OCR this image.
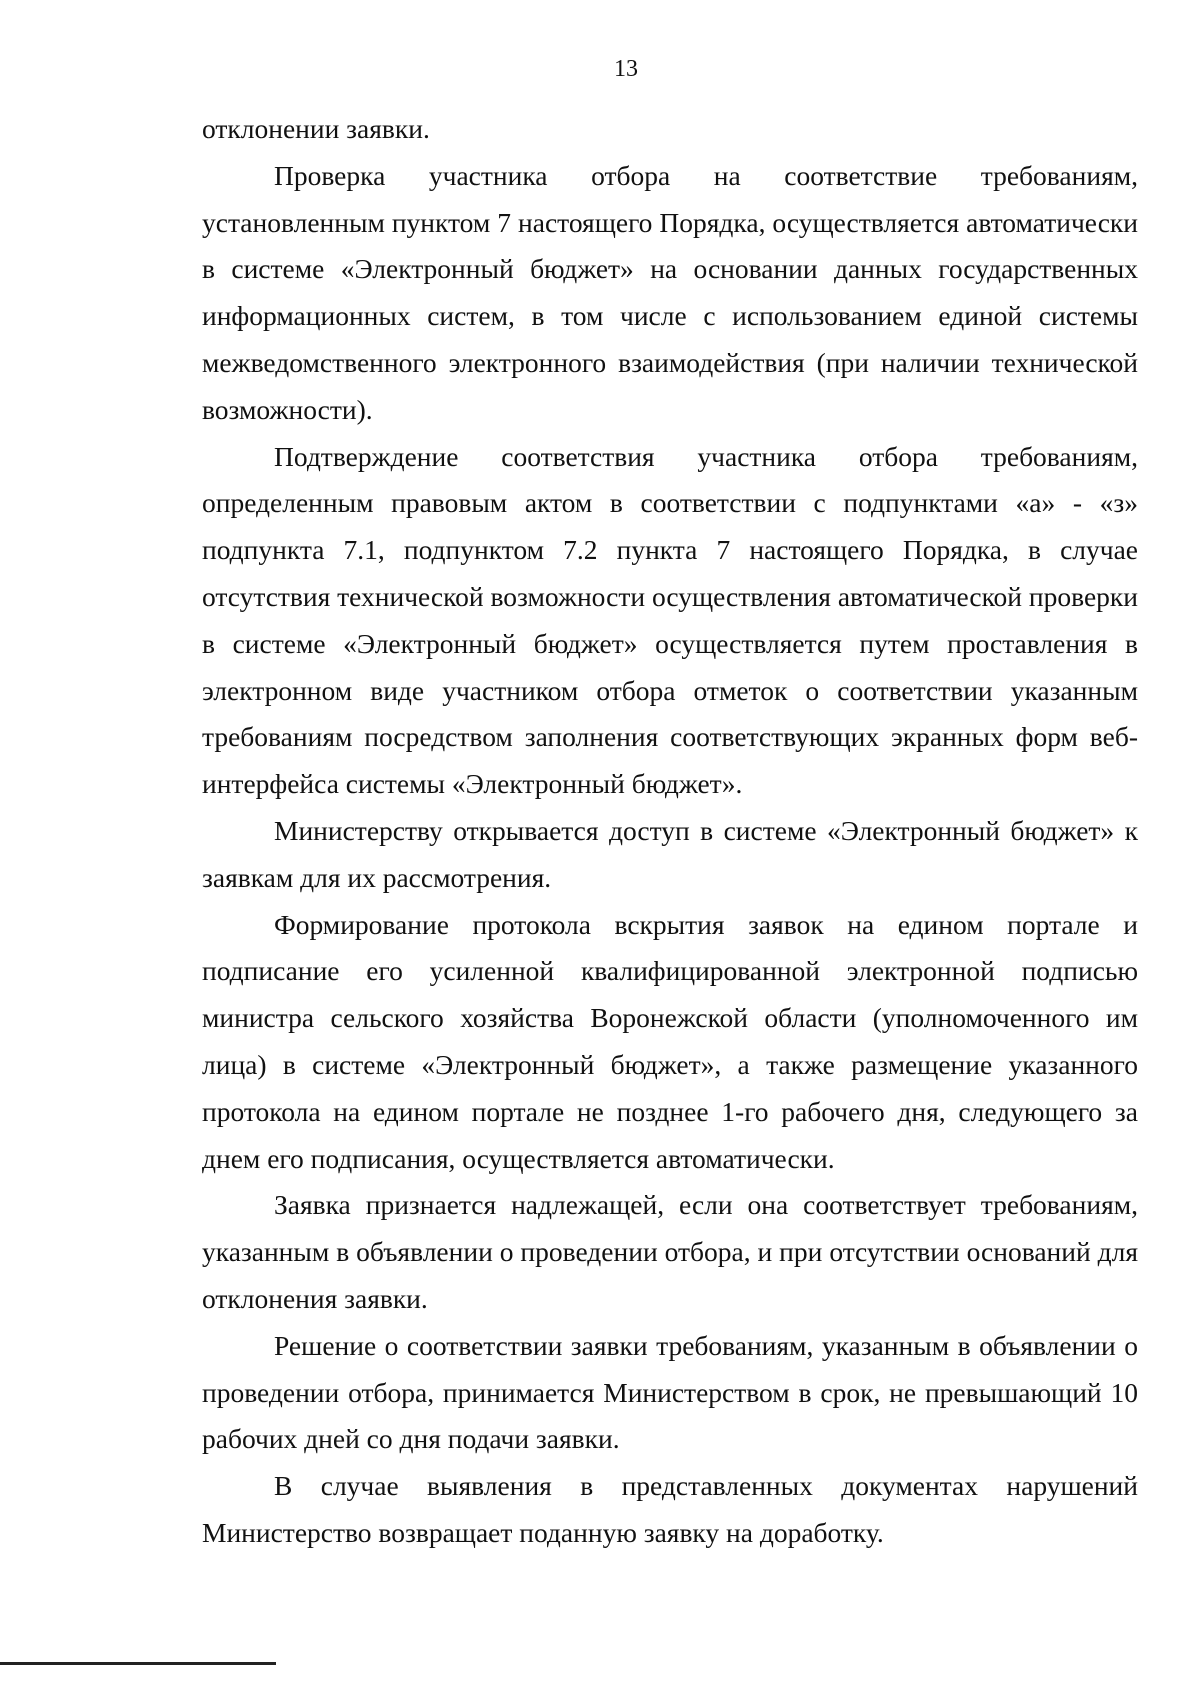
13

отклонении заявки.

Проверка участника отбора на соответствие требованиям, установленным пунктом 7 настоящего Порядка, осуществляется автоматически в системе «Электронный бюджет» на основании данных государственных информационных систем, в том числе с использованием единой системы межведомственного электронного взаимодействия (при наличии технической возможности).

Подтверждение соответствия участника отбора требованиям, определенным правовым актом в соответствии с подпунктами «а» - «з» подпункта 7.1, подпунктом 7.2 пункта 7 настоящего Порядка, в случае отсутствия технической возможности осуществления автоматической проверки в системе «Электронный бюджет» осуществляется путем проставления в электронном виде участником отбора отметок о соответствии указанным требованиям посредством заполнения соответствующих экранных форм веб-интерфейса системы «Электронный бюджет».

Министерству открывается доступ в системе «Электронный бюджет» к заявкам для их рассмотрения.

Формирование протокола вскрытия заявок на едином портале и подписание его усиленной квалифицированной электронной подписью министра сельского хозяйства Воронежской области (уполномоченного им лица) в системе «Электронный бюджет», а также размещение указанного протокола на едином портале не позднее 1-го рабочего дня, следующего за днем его подписания, осуществляется автоматически.

Заявка признается надлежащей, если она соответствует требованиям, указанным в объявлении о проведении отбора, и при отсутствии оснований для отклонения заявки.

Решение о соответствии заявки требованиям, указанным в объявлении о проведении отбора, принимается Министерством в срок, не превышающий 10 рабочих дней со дня подачи заявки.

В случае выявления в представленных документах нарушений Министерство возвращает поданную заявку на доработку.
